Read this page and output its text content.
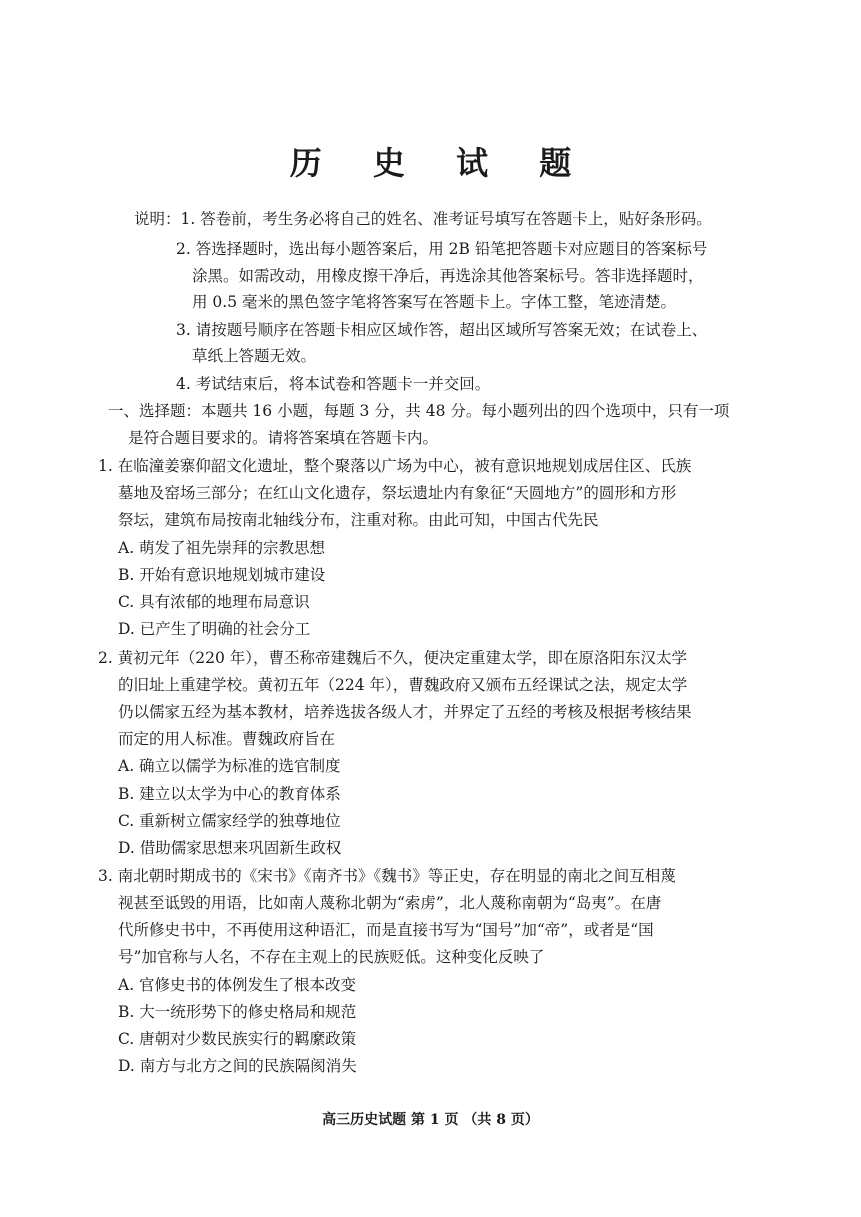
历 史 试 题
说明：1. 答卷前，考生务必将自己的姓名、准考证号填写在答题卡上，贴好条形码。
2. 答选择题时，选出每小题答案后，用 2B 铅笔把答题卡对应题目的答案标号
涂黑。如需改动，用橡皮擦干净后，再选涂其他答案标号。答非选择题时，
用 0.5 毫米的黑色签字笔将答案写在答题卡上。字体工整，笔迹清楚。
3. 请按题号顺序在答题卡相应区域作答，超出区域所写答案无效；在试卷上、
草纸上答题无效。
4. 考试结束后，将本试卷和答题卡一并交回。
一、选择题：本题共 16 小题，每题 3 分，共 48 分。每小题列出的四个选项中，只有一项
是符合题目要求的。请将答案填在答题卡内。
1. 在临潼姜寨仰韶文化遗址，整个聚落以广场为中心，被有意识地规划成居住区、氏族
墓地及窑场三部分；在红山文化遗存，祭坛遗址内有象征“天圆地方”的圆形和方形
祭坛，建筑布局按南北轴线分布，注重对称。由此可知，中国古代先民
A. 萌发了祖先崇拜的宗教思想
B. 开始有意识地规划城市建设
C. 具有浓郁的地理布局意识
D. 已产生了明确的社会分工
2. 黄初元年（220 年），曹丕称帝建魏后不久，便决定重建太学，即在原洛阳东汉太学
的旧址上重建学校。黄初五年（224 年），曹魏政府又颁布五经课试之法，规定太学
仍以儒家五经为基本教材，培养选拔各级人才，并界定了五经的考核及根据考核结果
而定的用人标准。曹魏政府旨在
A. 确立以儒学为标准的选官制度
B. 建立以太学为中心的教育体系
C. 重新树立儒家经学的独尊地位
D. 借助儒家思想来巩固新生政权
3. 南北朝时期成书的《宋书》《南齐书》《魏书》等正史，存在明显的南北之间互相蔑
视甚至诋毁的用语，比如南人蔑称北朝为“索虏”，北人蔑称南朝为“岛夷”。在唐
代所修史书中，不再使用这种语汇，而是直接书写为“国号”加“帝”，或者是“国
号”加官称与人名，不存在主观上的民族贬低。这种变化反映了
A. 官修史书的体例发生了根本改变
B. 大一统形势下的修史格局和规范
C. 唐朝对少数民族实行的羁縻政策
D. 南方与北方之间的民族隔阂消失
高三历史试题 第 1 页 （共 8 页）
